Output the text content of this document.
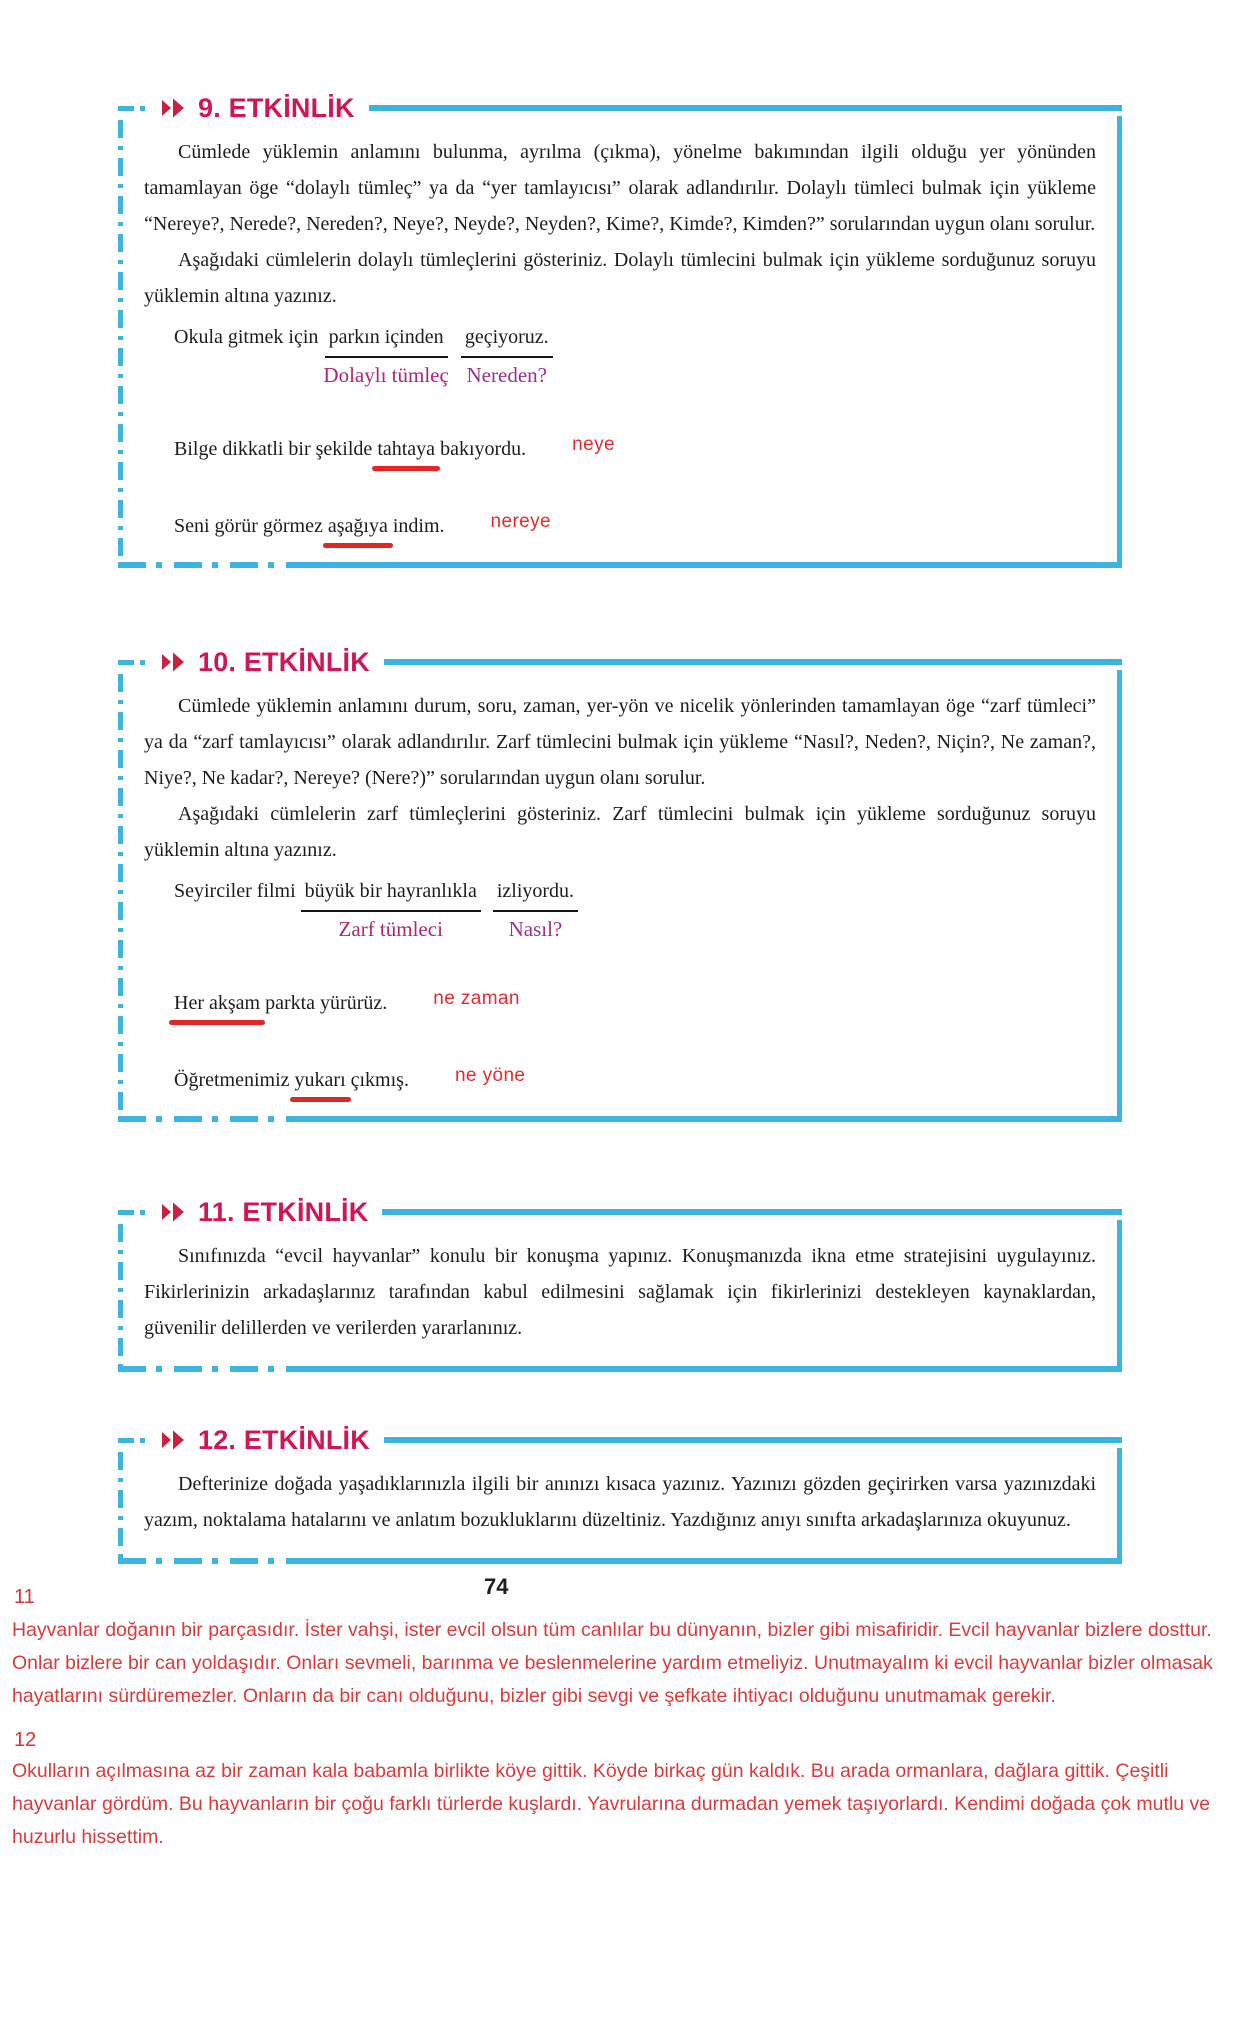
9. ETKİNLİK

Cümlede yüklemin anlamını bulunma, ayrılma (çıkma), yönelme bakımından ilgili olduğu yer yönünden tamamlayan öge “dolaylı tümleç” ya da “yer tamlayıcısı” olarak adlandırılır. Dolaylı tümleci bulmak için yükleme “Nereye?, Nerede?, Nereden?, Neye?, Neyde?, Neyden?, Kime?, Kimde?, Kimden?” sorularından uygun olanı sorulur.

Aşağıdaki cümlelerin dolaylı tümleçlerini gösteriniz. Dolaylı tümlecini bulmak için yükleme sorduğunuz soruyu yüklemin altına yazınız.

Okula gitmek için parkın içinden
Dolaylı tümleç
geçiyoruz.
Nereden?
Bilge dikkatli bir şekilde tahtaya bakıyordu. neye
Seni görür görmez aşağıya indim. nereye
10. ETKİNLİK

Cümlede yüklemin anlamını durum, soru, zaman, yer-yön ve nicelik yönlerinden tamamlayan öge “zarf tümleci” ya da “zarf tamlayıcısı” olarak adlandırılır. Zarf tümlecini bulmak için yükleme “Nasıl?, Neden?, Niçin?, Ne zaman?, Niye?, Ne kadar?, Nereye? (Nere?)” sorularından uygun olanı sorulur.

Aşağıdaki cümlelerin zarf tümleçlerini gösteriniz. Zarf tümlecini bulmak için yükleme sorduğunuz soruyu yüklemin altına yazınız.

Seyirciler filmi büyük bir hayranlıkla
Zarf tümleci
izliyordu.
Nasıl?
Her akşam parkta yürürüz. ne zaman
Öğretmenimiz yukarı çıkmış. ne yöne
11. ETKİNLİK

Sınıfınızda “evcil hayvanlar” konulu bir konuşma yapınız. Konuşmanızda ikna etme stratejisini uygulayınız. Fikirlerinizin arkadaşlarınız tarafından kabul edilmesini sağlamak için fikirlerinizi destekleyen kaynaklardan, güvenilir delillerden ve verilerden yararlanınız.

12. ETKİNLİK

Defterinize doğada yaşadıklarınızla ilgili bir anınızı kısaca yazınız. Yazınızı gözden geçirirken varsa yazınızdaki yazım, noktalama hatalarını ve anlatım bozukluklarını düzeltiniz. Yazdığınız anıyı sınıfta arkadaşlarınıza okuyunuz.

11	74

Hayvanlar doğanın bir parçasıdır. İster vahşi, ister evcil olsun tüm canlılar bu dünyanın, bizler gibi misafiridir. Evcil hayvanlar bizlere dosttur. Onlar bizlere bir can yoldaşıdır. Onları sevmeli, barınma ve beslenmelerine yardım etmeliyiz. Unutmayalım ki evcil hayvanlar bizler olmasak hayatlarını sürdüremezler. Onların da bir canı olduğunu, bizler gibi sevgi ve şefkate ihtiyacı olduğunu unutmamak gerekir.

12

Okulların açılmasına az bir zaman kala babamla birlikte köye gittik. Köyde birkaç gün kaldık. Bu arada ormanlara, dağlara gittik. Çeşitli hayvanlar gördüm. Bu hayvanların bir çoğu farklı türlerde kuşlardı. Yavrularına durmadan yemek taşıyorlardı. Kendimi doğada çok mutlu ve huzurlu hissettim.
